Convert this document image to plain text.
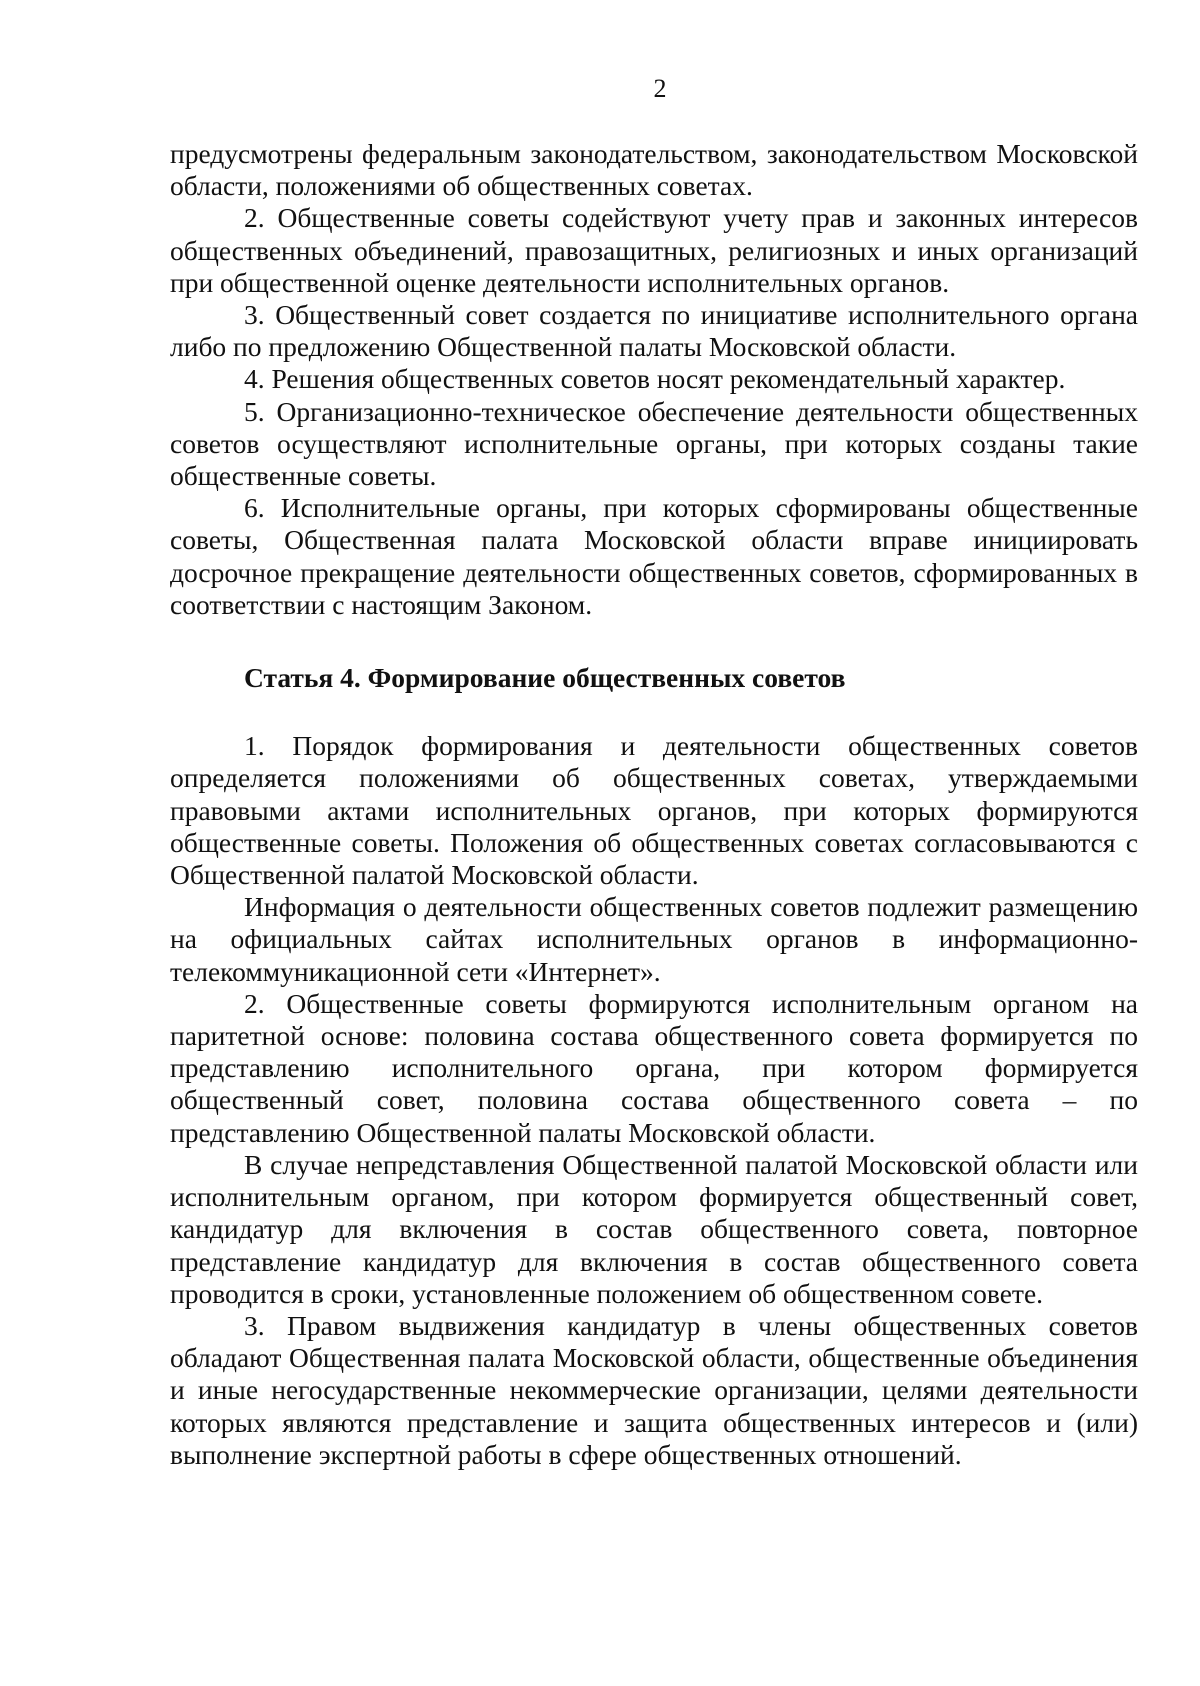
2

предусмотрены федеральным законодательством, законодательством Московской области, положениями об общественных советах.

2. Общественные советы содействуют учету прав и законных интересов общественных объединений, правозащитных, религиозных и иных организаций при общественной оценке деятельности исполнительных органов.

3. Общественный совет создается по инициативе исполнительного органа либо по предложению Общественной палаты Московской области.

4. Решения общественных советов носят рекомендательный характер.

5. Организационно-техническое обеспечение деятельности общественных советов осуществляют исполнительные органы, при которых созданы такие общественные советы.

6. Исполнительные органы, при которых сформированы общественные советы, Общественная палата Московской области вправе инициировать досрочное прекращение деятельности общественных советов, сформированных в соответствии с настоящим Законом.

Статья 4. Формирование общественных советов

1. Порядок формирования и деятельности общественных советов определяется положениями об общественных советах, утверждаемыми правовыми актами исполнительных органов, при которых формируются общественные советы. Положения об общественных советах согласовываются с Общественной палатой Московской области.

Информация о деятельности общественных советов подлежит размещению на официальных сайтах исполнительных органов в информационно-телекоммуникационной сети «Интернет».

2. Общественные советы формируются исполнительным органом на паритетной основе: половина состава общественного совета формируется по представлению исполнительного органа, при котором формируется общественный совет, половина состава общественного совета – по представлению Общественной палаты Московской области.

В случае непредставления Общественной палатой Московской области или исполнительным органом, при котором формируется общественный совет, кандидатур для включения в состав общественного совета, повторное представление кандидатур для включения в состав общественного совета проводится в сроки, установленные положением об общественном совете.

3. Правом выдвижения кандидатур в члены общественных советов обладают Общественная палата Московской области, общественные объединения и иные негосударственные некоммерческие организации, целями деятельности которых являются представление и защита общественных интересов и (или) выполнение экспертной работы в сфере общественных отношений.
